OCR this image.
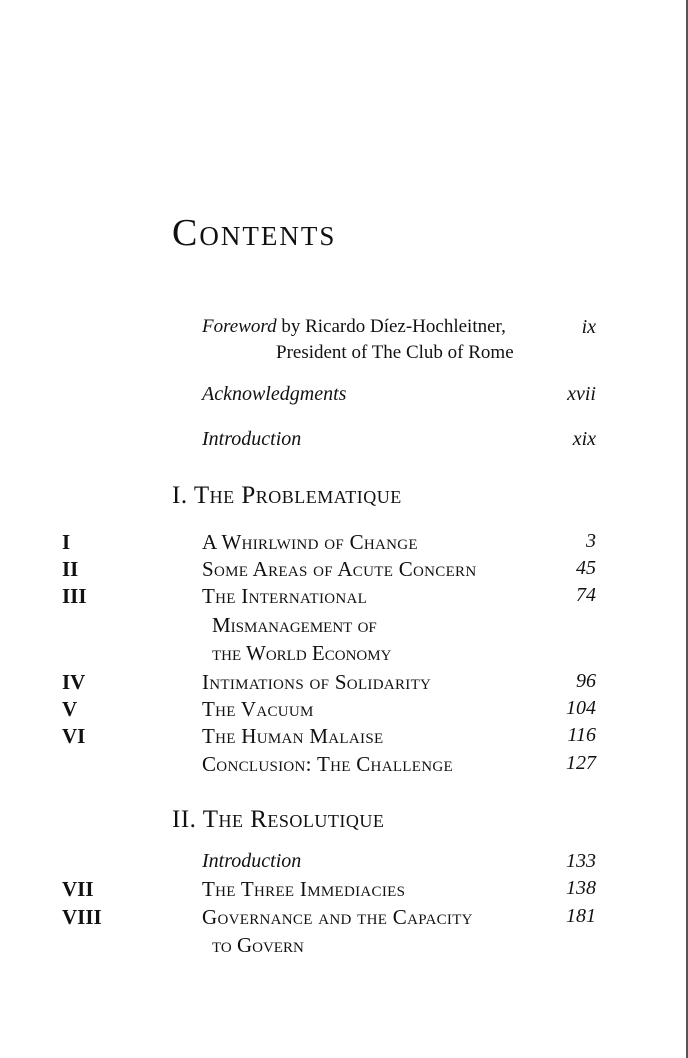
Contents
Foreword by Ricardo Díez-Hochleitner,	ix
President of The Club of Rome
Acknowledgments	xvii
Introduction	xix
I. The Problematique
I	A Whirlwind of Change	3
II	Some Areas of Acute Concern	45
III	The International	74
Mismanagement of
the World Economy
IV	Intimations of Solidarity	96
V	The Vacuum	104
VI	The Human Malaise	116
Conclusion: The Challenge	127
II. The Resolutique
Introduction	133
VII	The Three Immediacies	138
VIII	Governance and the Capacity	181
to Govern
